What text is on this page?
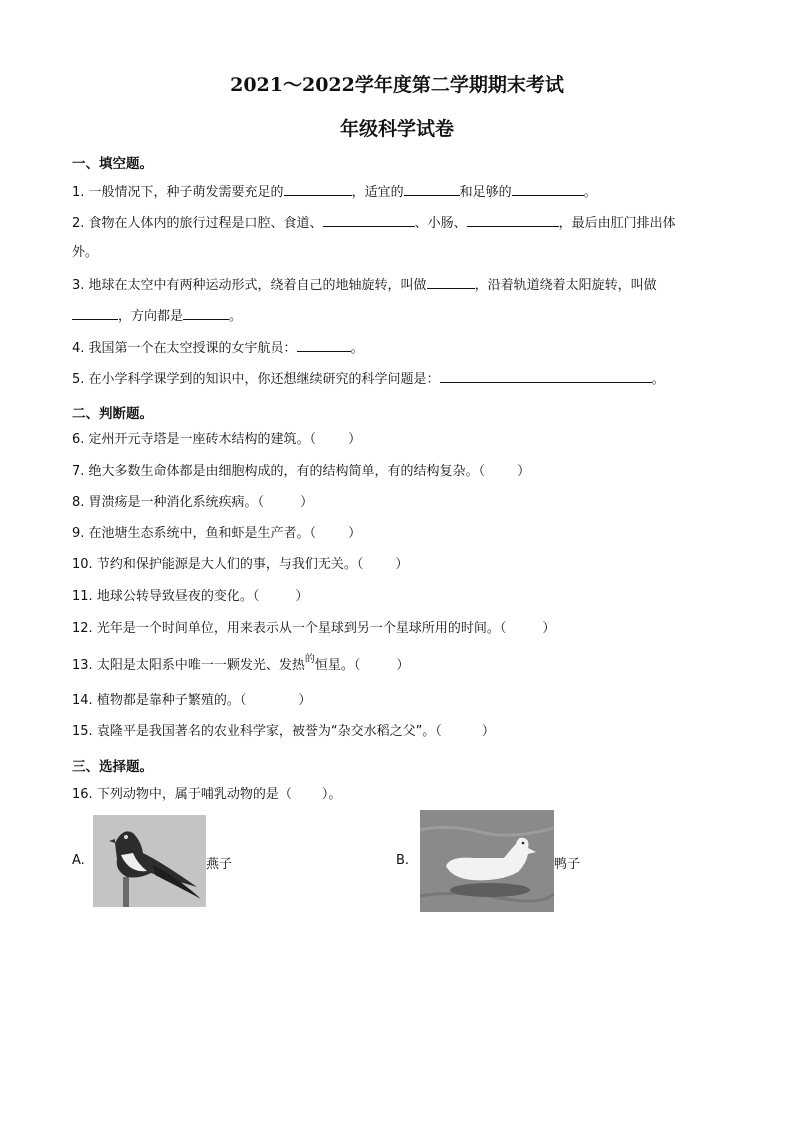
2021～2022学年度第二学期期末考试
年级科学试卷
一、填空题。
1. 一般情况下，种子萌发需要充足的	，适宜的	和足够的	。
2. 食物在人体内的旅行过程是口腔、食道、	、小肠、	，最后由肛门排出体
外。
3. 地球在太空中有两种运动形式，绕着自己的地轴旋转，叫做	，沿着轨道绕着太阳旋转，叫做
，方向都是	。
4. 我国第一个在太空授课的女宇航员：	。
5. 在小学科学课学到的知识中，你还想继续研究的科学问题是：	。
二、判断题。
6. 定州开元寺塔是一座砖木结构的建筑。（ ）
7. 绝大多数生命体都是由细胞构成的，有的结构简单，有的结构复杂。（ ）
8. 胃溃疡是一种消化系统疾病。（	）
9. 在池塘生态系统中，鱼和虾是生产者。（ ）
10. 节约和保护能源是大人们的事，与我们无关。（ ）
11. 地球公转导致昼夜的变化。（	）
12. 光年是一个时间单位，用来表示从一个星球到另一个星球所用的时间。（	）
13. 太阳是太阳系中唯一一颗发光、发热$^的$恒星。（	）
14. 植物都是靠种子繁殖的。（	）
15. 袁隆平是我国著名的农业科学家，被誉为“杂交水稻之父”。（	）
三、选择题。
16. 下列动物中，属于哺乳动物的是（ ）。
A.	燕子	B.	鸭子
